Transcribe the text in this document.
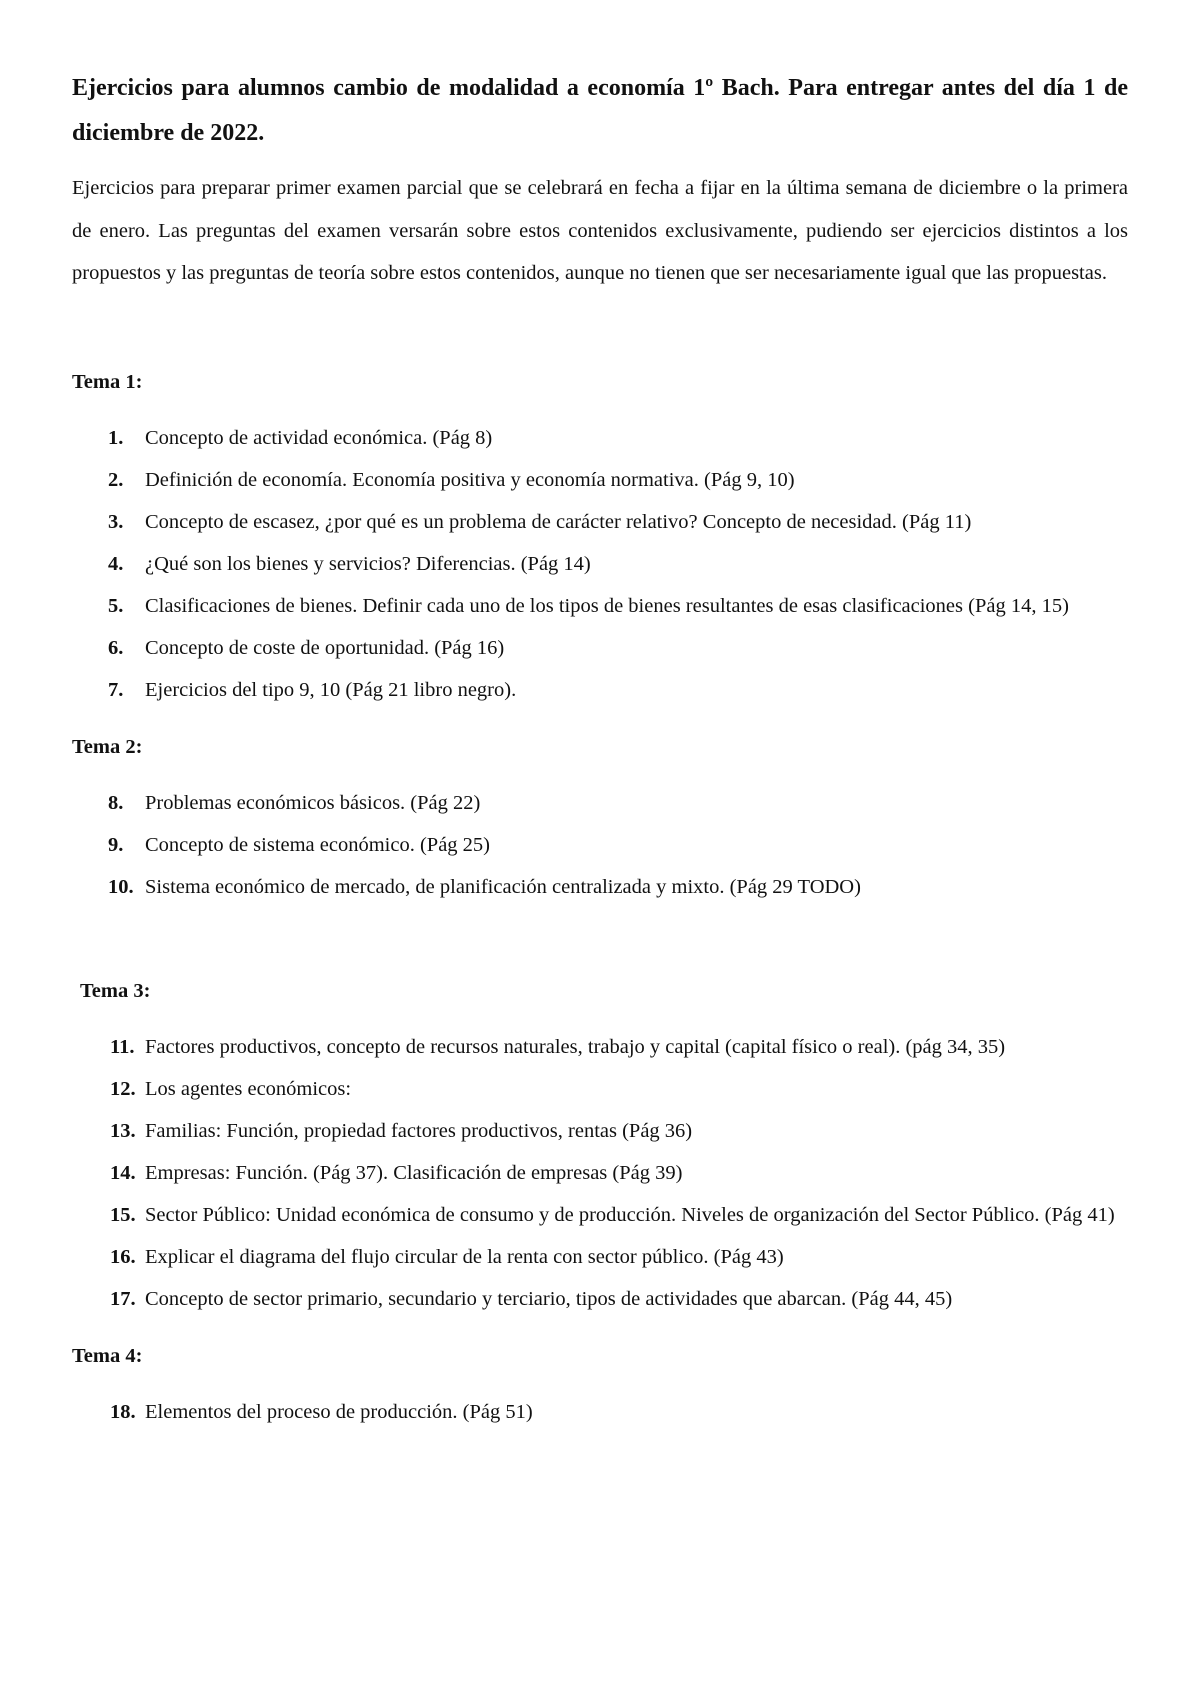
Ejercicios para alumnos cambio de modalidad a economía 1º Bach. Para entregar antes del día 1 de diciembre de 2022.

Ejercicios para preparar primer examen parcial que se celebrará en fecha a fijar en la última semana de diciembre o la primera de enero. Las preguntas del examen versarán sobre estos contenidos exclusivamente, pudiendo ser ejercicios distintos a los propuestos y las preguntas de teoría sobre estos contenidos, aunque no tienen que ser necesariamente igual que las propuestas.

Tema 1:
1. Concepto de actividad económica. (Pág 8)
2. Definición de economía. Economía positiva y economía normativa. (Pág 9, 10)
3. Concepto de escasez, ¿por qué es un problema de carácter relativo? Concepto de necesidad. (Pág 11)
4. ¿Qué son los bienes y servicios? Diferencias. (Pág 14)
5. Clasificaciones de bienes. Definir cada uno de los tipos de bienes resultantes de esas clasificaciones (Pág 14, 15)
6. Concepto de coste de oportunidad. (Pág 16)
7. Ejercicios del tipo 9, 10 (Pág 21 libro negro).
Tema 2:
8. Problemas económicos básicos. (Pág 22)
9. Concepto de sistema económico. (Pág 25)
10. Sistema económico de mercado, de planificación centralizada y mixto. (Pág 29 TODO)
Tema 3:
11. Factores productivos, concepto de recursos naturales, trabajo y capital (capital físico o real). (pág 34, 35)
12. Los agentes económicos:
13. Familias: Función, propiedad factores productivos, rentas (Pág 36)
14. Empresas: Función. (Pág 37). Clasificación de empresas (Pág 39)
15. Sector Público: Unidad económica de consumo y de producción. Niveles de organización del Sector Público. (Pág 41)
16. Explicar el diagrama del flujo circular de la renta con sector público. (Pág 43)
17. Concepto de sector primario, secundario y terciario, tipos de actividades que abarcan. (Pág 44, 45)
Tema 4:
18. Elementos del proceso de producción. (Pág 51)
